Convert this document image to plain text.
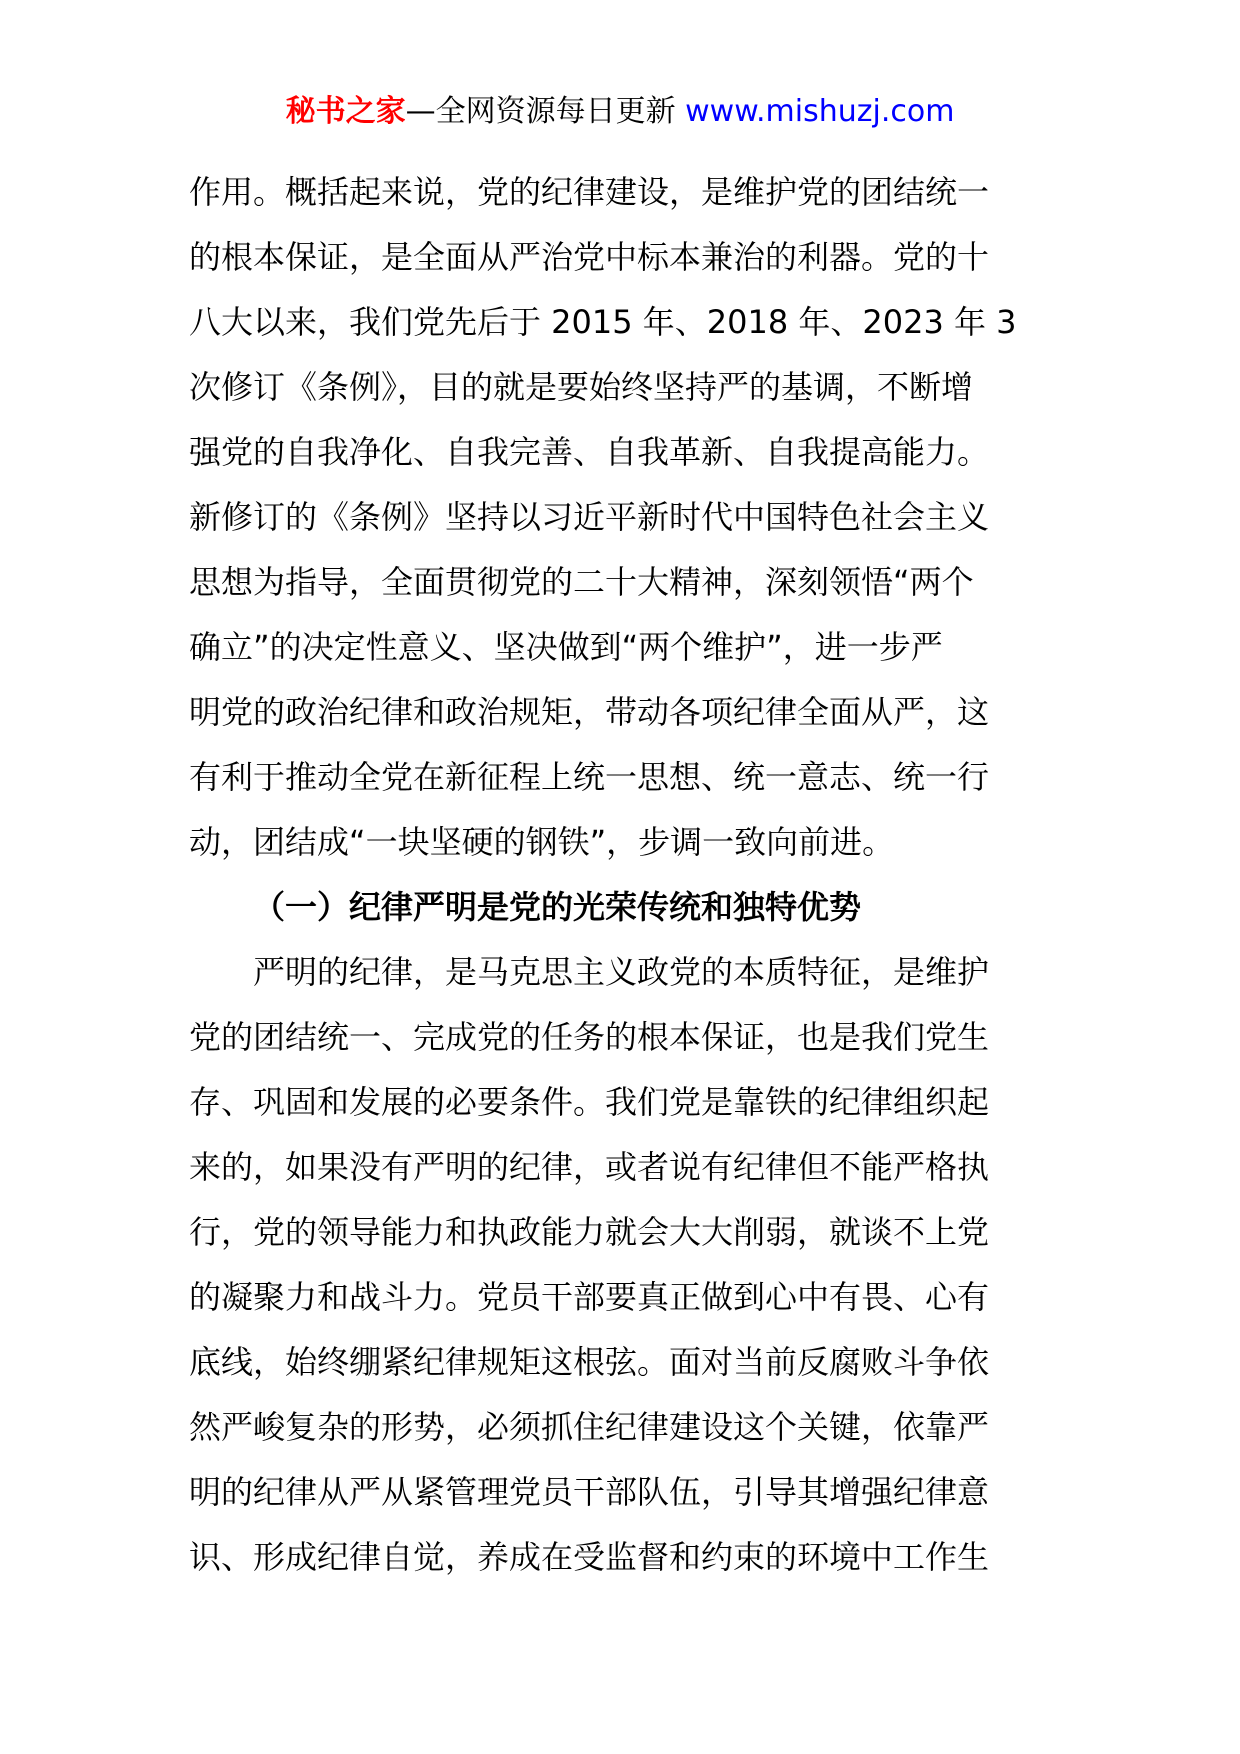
秘书之家—全网资源每日更新 www.mishuzj.com
作用。概括起来说，党的纪律建设，是维护党的团结统一
的根本保证，是全面从严治党中标本兼治的利器。党的十
八大以来，我们党先后于 2015 年、2018 年、2023 年 3
次修订《条例》，目的就是要始终坚持严的基调，不断增
强党的自我净化、自我完善、自我革新、自我提高能力。
新修订的《条例》坚持以习近平新时代中国特色社会主义
思想为指导，全面贯彻党的二十大精神，深刻领悟“两个
确立”的决定性意义、坚决做到“两个维护”，进一步严
明党的政治纪律和政治规矩，带动各项纪律全面从严，这
有利于推动全党在新征程上统一思想、统一意志、统一行
动，团结成“一块坚硬的钢铁”，步调一致向前进。
（一）纪律严明是党的光荣传统和独特优势
严明的纪律，是马克思主义政党的本质特征，是维护
党的团结统一、完成党的任务的根本保证，也是我们党生
存、巩固和发展的必要条件。我们党是靠铁的纪律组织起
来的，如果没有严明的纪律，或者说有纪律但不能严格执
行，党的领导能力和执政能力就会大大削弱，就谈不上党
的凝聚力和战斗力。党员干部要真正做到心中有畏、心有
底线，始终绷紧纪律规矩这根弦。面对当前反腐败斗争依
然严峻复杂的形势，必须抓住纪律建设这个关键，依靠严
明的纪律从严从紧管理党员干部队伍，引导其增强纪律意
识、形成纪律自觉，养成在受监督和约束的环境中工作生
